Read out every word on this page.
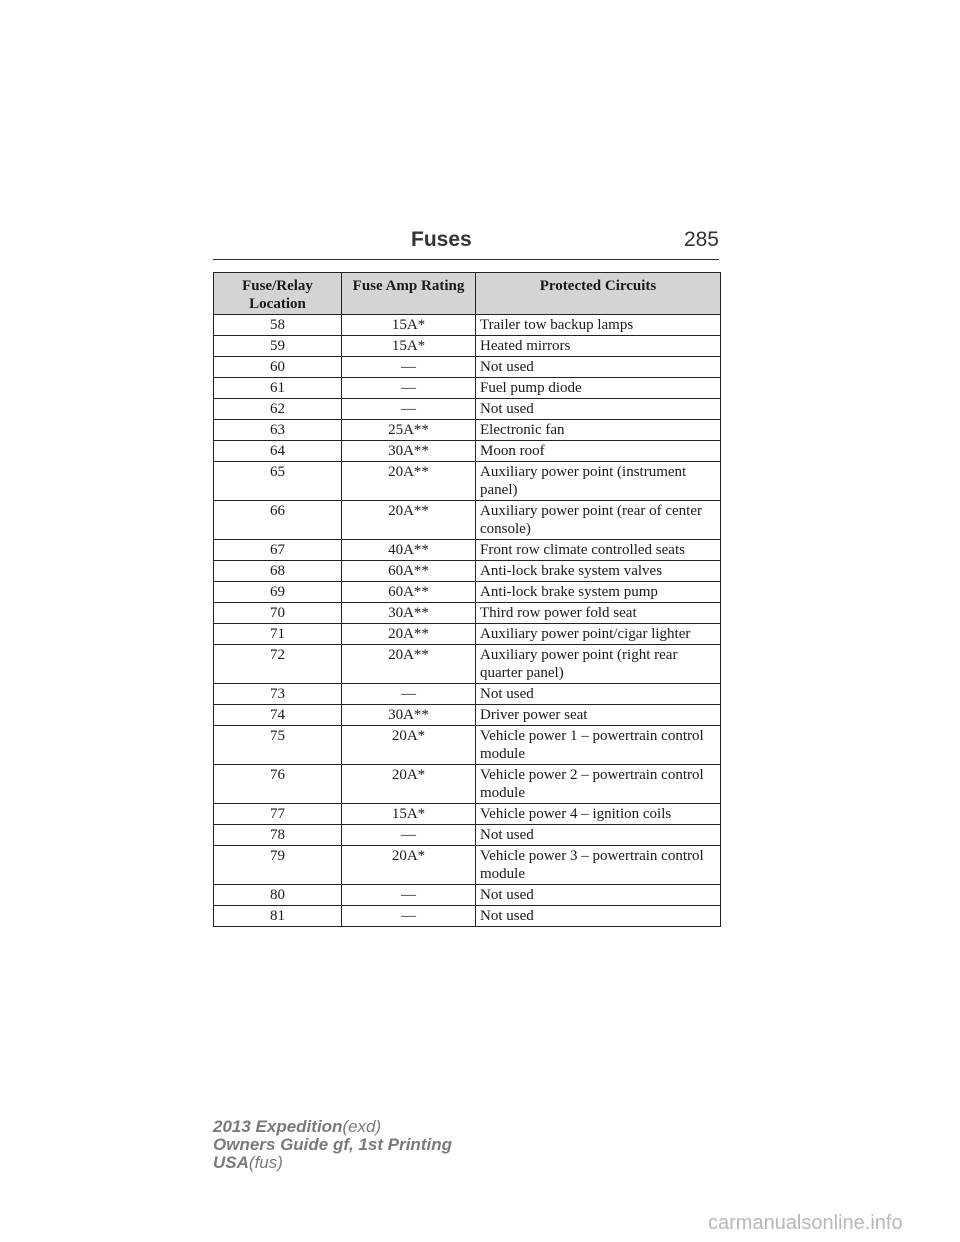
Fuses	285
Fuse/Relay Location	Fuse Amp Rating	Protected Circuits
58	15A*	Trailer tow backup lamps
59	15A*	Heated mirrors
60	—	Not used
61	—	Fuel pump diode
62	—	Not used
63	25A**	Electronic fan
64	30A**	Moon roof
65	20A**	Auxiliary power point (instrument panel)
66	20A**	Auxiliary power point (rear of center console)
67	40A**	Front row climate controlled seats
68	60A**	Anti-lock brake system valves
69	60A**	Anti-lock brake system pump
70	30A**	Third row power fold seat
71	20A**	Auxiliary power point/cigar lighter
72	20A**	Auxiliary power point (right rear quarter panel)
73	—	Not used
74	30A**	Driver power seat
75	20A*	Vehicle power 1 – powertrain control module
76	20A*	Vehicle power 2 – powertrain control module
77	15A*	Vehicle power 4 – ignition coils
78	—	Not used
79	20A*	Vehicle power 3 – powertrain control module
80	—	Not used
81	—	Not used
2013 Expedition(exd)
Owners Guide gf, 1st Printing
USA(fus)
carmanualsonline.info
